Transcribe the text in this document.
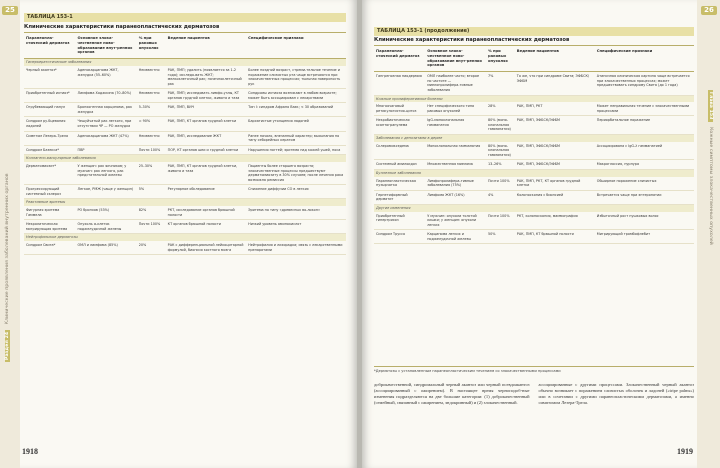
25
Раздел 24 Клинические проявления заболеваний внутренних органов
ТАБЛИЦА 153-1
Клинические характеристики паранеопластических дерматозов
Паранеопла-стический дерматоз	Основное злока-чественное ново-образование внут-ренних органов	% при раковых опухолях	Ведение пациентов	Специфические признаки
Гиперкератотические заболевания				
Черный акантоз*	Аденокарцинома ЖКТ, желудка (55–60%)	Неизвестно	РАК, ПМП; удалить (появляется за 1-2 года); исследо-вать ЖКТ; мелкоклеточный рак; почечноклеточный рак	Более поздний возраст, стреми-тельное течение и поражение слизистых рта чаще встречаются при злокачественных процессах; тыльная поверхность рук
Приобретенный ихтиоз*	Лимфома Ходжкина (70–80%)	Неизвестно	РАК, ПМП; исследовать лимфо-узлы, КТ органов грудной клетки, живота и таза	Синдромы ихтиоза возникают в любом возрасте; может быть ассоциирован с лекарствами
Огрубевающий папул	Бронхогенная карцинома, рак желудка	5–30%	РАК, ПМП, ВИЧ	Тип I: синдром Афрано Ваэк; < 30 образований
Синдром ру-бцевания ладоней	Чешуйчатый рак легкого, при отсутствии ЧР — РО желудка	≈ 90%	РАК, ПМП, КТ органов грудной клетки	Бархатистые утолщения ладоней
Симптом Лезера–Трела	Аденокарцинома ЖКТ (47%)	Неизвестно	РАК, ПМП, исследование ЖКТ	Ранее начало, внезапный характер; высыпания по типу себорейных кератом
Синдром Базекса*	ПВР	Почти 100%	ПОР, КТ органов шеи и грудной клетки	Нарушения ногтей; эритема над кожей ушей, носа
Коллагено-васкулярные заболевания				
Дерматомиозит*	У женщин: рак яичников; у мужчин: рак легкого, рак предстательной железы	25–30%	РАК, ПМП, КТ органов грудной клетки, живота и таза	Пациенты более старшего возраста; злокачественные процессы предшествуют дерматомиозиту в 30% случаев; после лечения рака возможна ремиссия
Прогрессирующий системный склероз	Легкое, РМЖ (чаще у женщин)	5%	Регулярное обследование	Снижение диффузии CO в легких
Реактивные эритемы				
Фигурная эритема Гаммела	РО бронхов (53%)	82%	РКТ, исследование органов брюшной полости	Эритема по типу «древесных во-локон»
Некролитическая мигрирующая эритема	Опухоль α-клеток поджелудочной железы	Почти 100%	КТ органов брюшной полости	Низкий уровень аминокислот
Нейтрофильные дерматозы				
Синдром Свита*	ОМЛ и лимфома (85%)	20%	РАК с дифференциальной лейкоцитарной формулой, биопсия костного мозга	Нейтрофилия и лихорадка; связь с лекарственными препаратами
1918
26
Глава 153 Кожные симптомы злокачественных опухолей
ТАБЛИЦА 153-1 (продолжение)
Клинические характеристики паранеопластических дерматозов
Паранеопла-стический дерматоз	Основное злока-чественное ново-образование внут-ренних органов	% при раковых опухолях	Ведение пациентов	Специфические признаки
Гангренозная пиодермия	ОМЛ наиболее часто; второе по частоте — миелопролифера-тивные заболевания	7%	То же, что при синдроме Свита; ЭФБСК/ЭФБМ	Атипичная клиническая картина чаще встречается при злокачественных процессах; может предшествовать синдрому Свита (до 1 года)
Кожные пролиферативные болезни				
Многоочаговый ретикулогистио-цитоз	Нет специфического типа раковых опухолей	28%	РАК, ПМП, РКТ	Может неправильная течение с злокачественными процессами
Некробиотическая ксантогранулема	IgG-моноклональная гаммапатия	80% (моно-клональная гаммапатия)	РАК, ПМП, ЭФБСК/ЭФБМ	Периорбитальное поражение
Заболевания с депозитами в дерме				
Склеромикседема	Моноклональная гаммапатия	80% (моно-клональная гаммапатия)	РАК, ПМП, ЭФБСК/ЭФБМ	Ассоциирована с IgG-λ гаммапатией
Системный амилоидоз	Множественная миелома	13–26%	РАК, ПМП, ЭФБСК/ЭФБМ	Макроглоссия, пурпура
Буллезные заболевания				
Паранеопластическая пузырчатка	Лимфопролифера-тивные заболевания (75%)	Почти 100%	РАК, ПМП, РКТ, КТ органов грудной клетки	Обширное поражение слизистых
Герпетиформный дерматит	Лимфома ЖКТ (16%)	4%	Колоноскопия с биопсией	Встречается чаще при энтеропатии
Другие изменения				
Приобретенный гипертрихоз	У мужчин: опухоли толстой кишки; у женщин: опухоли легких	Почти 100%	РКТ, колоноскопия, маммография	Избыточный рост пушковых волос
Синдром Труссо	Карцинома легких и поджелудочной железы	50%	РАК, ПМП, КТ брюшной полости	Мигрирующий тромбофлебит
*Дерматозы с установленным паранеопластическим течением со злокачественными процессами

доброкачественной, синдромальный черный акантоз или черный псевдоакантоз (ассоциированный с ожирением). В настоящее время черноподоб-ные изменения подразделяются на две большие категории: (1) доброкачественный (семейный, связанный с ожирением, эндокринный) и (2) злокачественный.

ассоциированные с другими процессами. Злокачественный черный акантоз обычно возникает с поражением слизистых оболочек и ладоней («tripe palms») или в сочетании с другими паранеопластическими дерматозами, а именно симптомом Лезера-Трела.

1919
